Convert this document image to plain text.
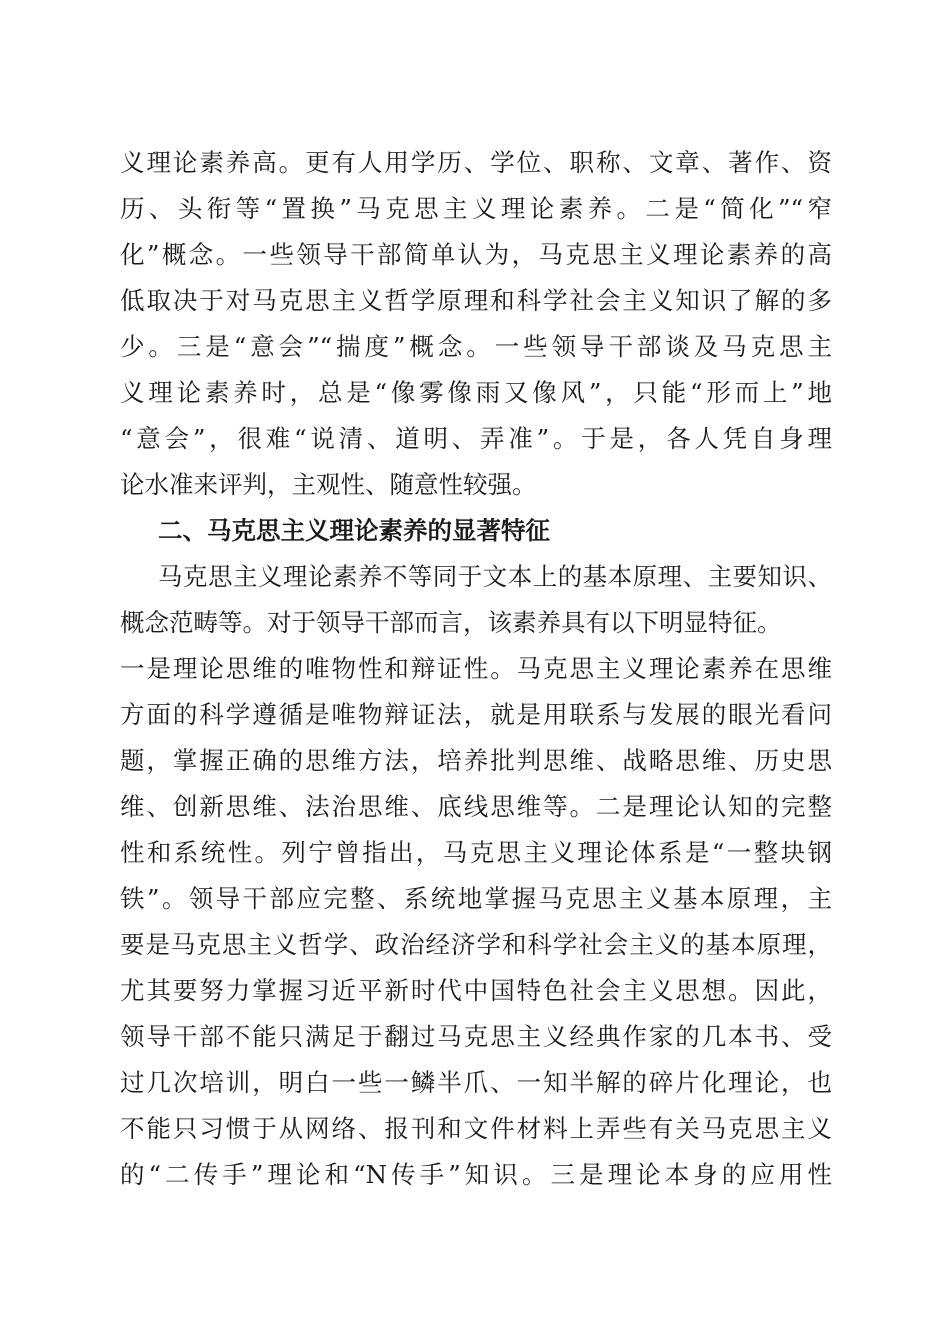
义理论素养高。更有人用学历、学位、职称、文章、著作、资
历、头衔等“置换”马克思主义理论素养。二是“简化”“窄
化”概念。一些领导干部简单认为，马克思主义理论素养的高
低取决于对马克思主义哲学原理和科学社会主义知识了解的多
少。三是“意会”“揣度”概念。一些领导干部谈及马克思主
义理论素养时，总是“像雾像雨又像风”，只能“形而上”地
“意会”，很难“说清、道明、弄准”。于是，各人凭自身理
论水准来评判，主观性、随意性较强。
二、马克思主义理论素养的显著特征
马克思主义理论素养不等同于文本上的基本原理、主要知识、
概念范畴等。对于领导干部而言，该素养具有以下明显特征。
一是理论思维的唯物性和辩证性。马克思主义理论素养在思维
方面的科学遵循是唯物辩证法，就是用联系与发展的眼光看问
题，掌握正确的思维方法，培养批判思维、战略思维、历史思
维、创新思维、法治思维、底线思维等。二是理论认知的完整
性和系统性。列宁曾指出，马克思主义理论体系是“一整块钢
铁”。领导干部应完整、系统地掌握马克思主义基本原理，主
要是马克思主义哲学、政治经济学和科学社会主义的基本原理，
尤其要努力掌握习近平新时代中国特色社会主义思想。因此，
领导干部不能只满足于翻过马克思主义经典作家的几本书、受
过几次培训，明白一些一鳞半爪、一知半解的碎片化理论，也
不能只习惯于从网络、报刊和文件材料上弄些有关马克思主义
的“二传手”理论和“N传手”知识。三是理论本身的应用性
